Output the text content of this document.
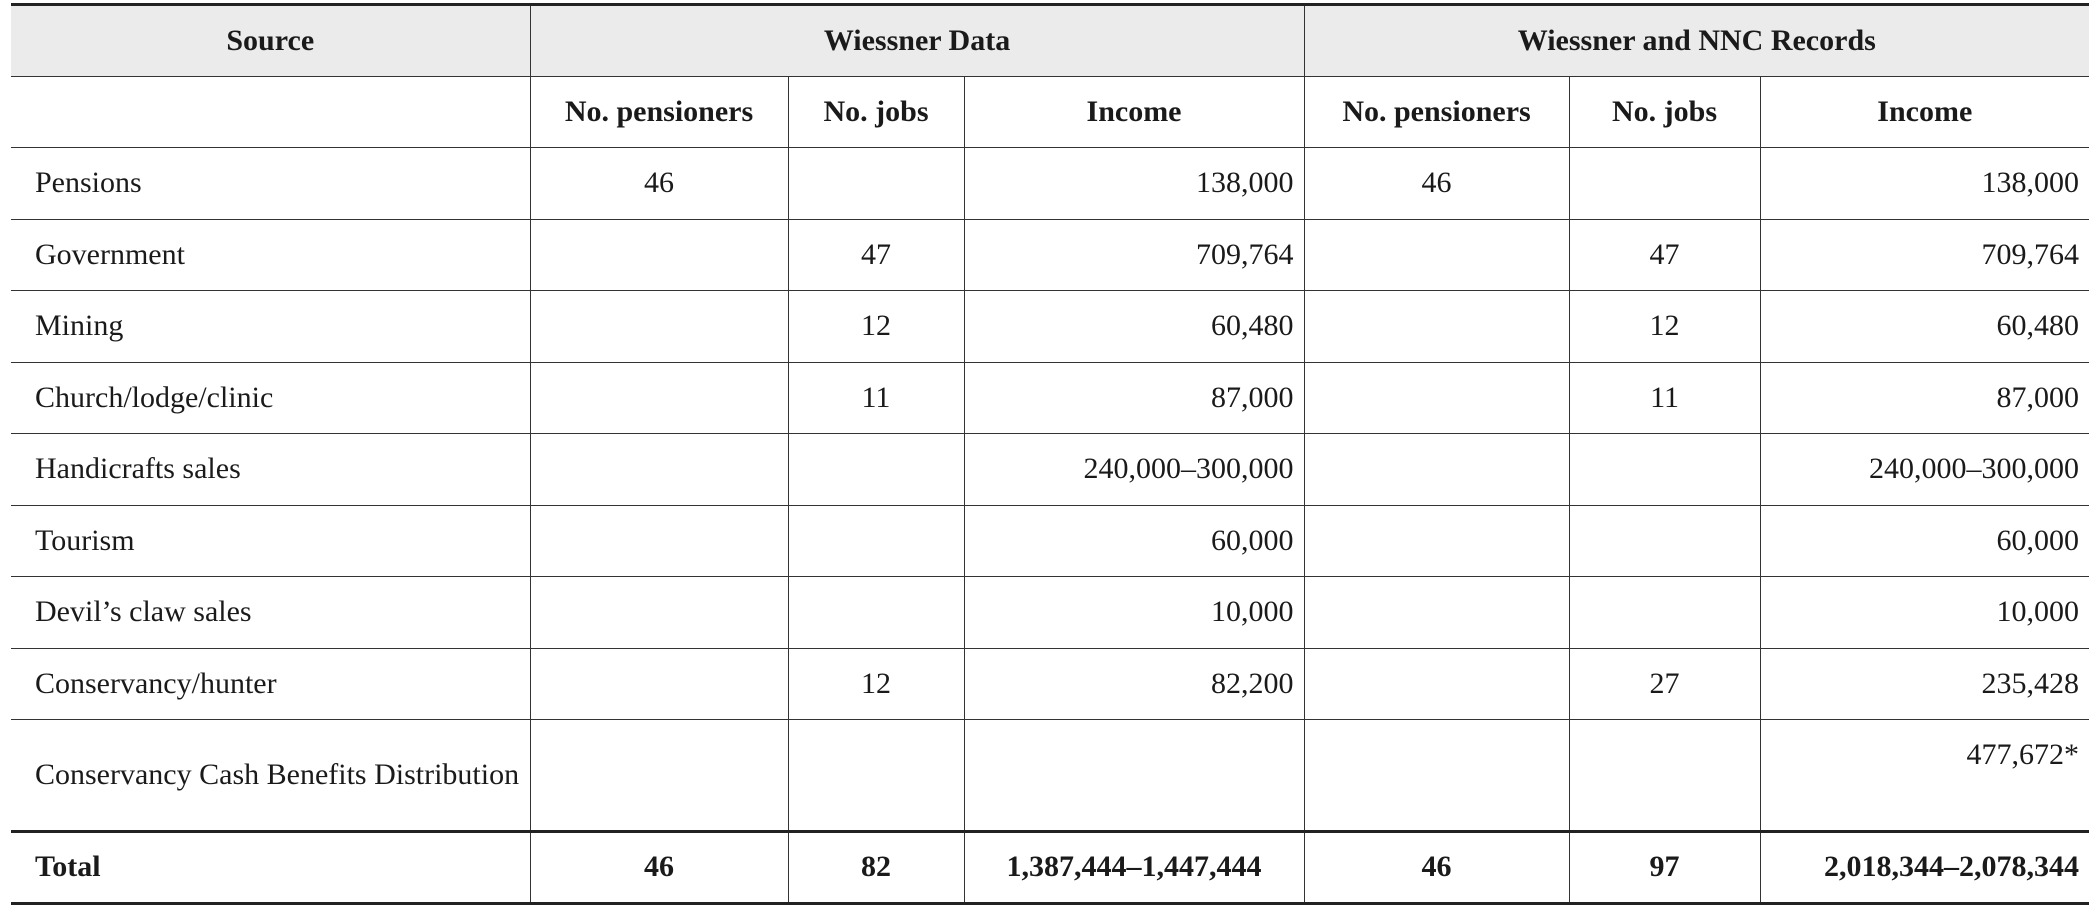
Source	Wiessner Data			Wiessner and NNC Records		
	No. pensioners	No. jobs	Income	No. pensioners	No. jobs	Income
Pensions	46		138,000	46		138,000
Government		47	709,764		47	709,764
Mining		12	60,480		12	60,480
Church/lodge/clinic		11	87,000		11	87,000
Handicrafts sales			240,000–300,000			240,000–300,000
Tourism			60,000			60,000
Devil’s claw sales			10,000			10,000
Conservancy/hunter		12	82,200		27	235,428
Conservancy Cash Benefits Distribution						477,672*
Total	46	82	1,387,444–1,447,444	46	97	2,018,344–2,078,344
